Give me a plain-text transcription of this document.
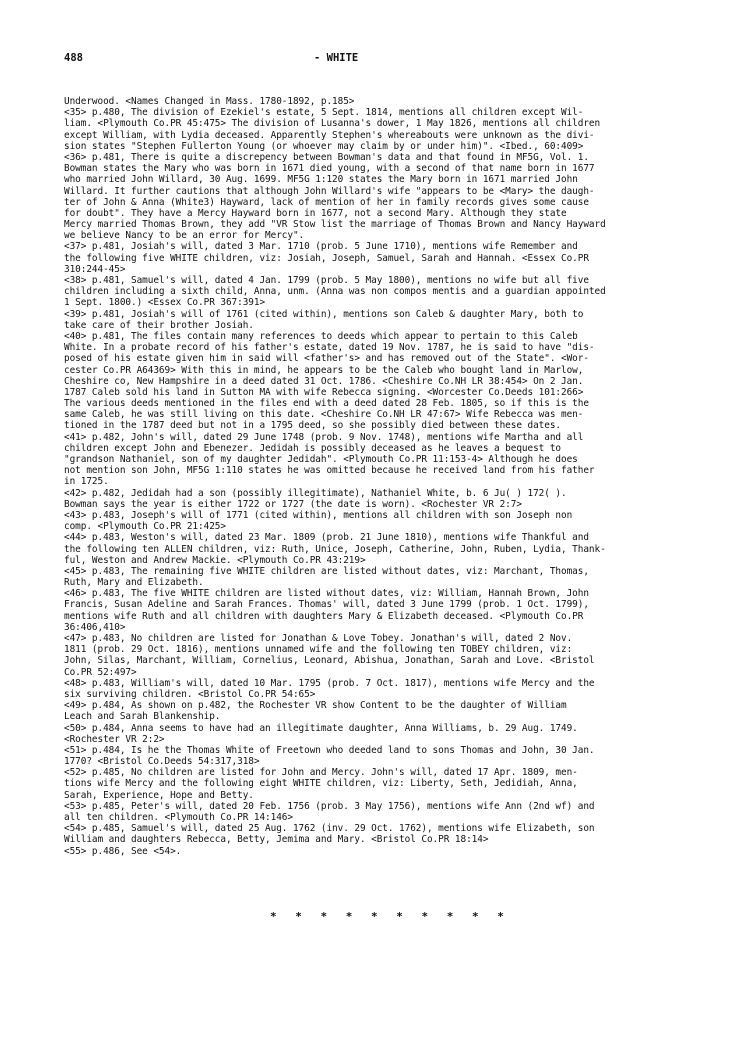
488	- WHITE
Underwood. <Names Changed in Mass. 1780-1892, p.185>
<35> p.480, The division of Ezekiel's estate, 5 Sept. 1814, mentions all children except Wil-
liam. <Plymouth Co.PR 45:475> The division of Lusanna's dower, 1 May 1826, mentions all children
except William, with Lydia deceased. Apparently Stephen's whereabouts were unknown as the divi-
sion states "Stephen Fullerton Young (or whoever may claim by or under him)". <Ibed., 60:409>
<36> p.481, There is quite a discrepency between Bowman's data and that found in MF5G, Vol. 1.
Bowman states the Mary who was born in 1671 died young, with a second of that name born in 1677
who married John Willard, 30 Aug. 1699. MF5G 1:120 states the Mary born in 1671 married John
Willard. It further cautions that although John Willard's wife "appears to be <Mary> the daugh-
ter of John & Anna (White3) Hayward, lack of mention of her in family records gives some cause
for doubt". They have a Mercy Hayward born in 1677, not a second Mary. Although they state
Mercy married Thomas Brown, they add "VR Stow list the marriage of Thomas Brown and Nancy Hayward
we believe Nancy to be an error for Mercy".
<37> p.481, Josiah's will, dated 3 Mar. 1710 (prob. 5 June 1710), mentions wife Remember and
the following five WHITE children, viz: Josiah, Joseph, Samuel, Sarah and Hannah. <Essex Co.PR
310:244-45>
<38> p.481, Samuel's will, dated 4 Jan. 1799 (prob. 5 May 1800), mentions no wife but all five
children including a sixth child, Anna, unm. (Anna was non compos mentis and a guardian appointed
1 Sept. 1800.) <Essex Co.PR 367:391>
<39> p.481, Josiah's will of 1761 (cited within), mentions son Caleb & daughter Mary, both to
take care of their brother Josiah.
<40> p.481, The files contain many references to deeds which appear to pertain to this Caleb
White. In a probate record of his father's estate, dated 19 Nov. 1787, he is said to have "dis-
posed of his estate given him in said will <father's> and has removed out of the State". <Wor-
cester Co.PR A64369> With this in mind, he appears to be the Caleb who bought land in Marlow,
Cheshire co, New Hampshire in a deed dated 31 Oct. 1786. <Cheshire Co.NH LR 38:454> On 2 Jan.
1787 Caleb sold his land in Sutton MA with wife Rebecca signing. <Worcester Co.Deeds 101:266>
The various deeds mentioned in the files end with a deed dated 28 Feb. 1805, so if this is the
same Caleb, he was still living on this date. <Cheshire Co.NH LR 47:67> Wife Rebecca was men-
tioned in the 1787 deed but not in a 1795 deed, so she possibly died between these dates.
<41> p.482, John's will, dated 29 June 1748 (prob. 9 Nov. 1748), mentions wife Martha and all
children except John and Ebenezer. Jedidah is possibly deceased as he leaves a bequest to
"grandson Nathaniel, son of my daughter Jedidah". <Plymouth Co.PR 11:153-4> Although he does
not mention son John, MF5G 1:110 states he was omitted because he received land from his father
in 1725.
<42> p.482, Jedidah had a son (possibly illegitimate), Nathaniel White, b. 6 Ju( ) 172( ).
Bowman says the year is either 1722 or 1727 (the date is worn). <Rochester VR 2:7>
<43> p.483, Joseph's will of 1771 (cited within), mentions all children with son Joseph non
comp. <Plymouth Co.PR 21:425>
<44> p.483, Weston's will, dated 23 Mar. 1809 (prob. 21 June 1810), mentions wife Thankful and
the following ten ALLEN children, viz: Ruth, Unice, Joseph, Catherine, John, Ruben, Lydia, Thank-
ful, Weston and Andrew Mackie. <Plymouth Co.PR 43:219>
<45> p.483, The remaining five WHITE children are listed without dates, viz: Marchant, Thomas,
Ruth, Mary and Elizabeth.
<46> p.483, The five WHITE children are listed without dates, viz: William, Hannah Brown, John
Francis, Susan Adeline and Sarah Frances. Thomas' will, dated 3 June 1799 (prob. 1 Oct. 1799),
mentions wife Ruth and all children with daughters Mary & Elizabeth deceased. <Plymouth Co.PR
36:406,410>
<47> p.483, No children are listed for Jonathan & Love Tobey. Jonathan's will, dated 2 Nov.
1811 (prob. 29 Oct. 1816), mentions unnamed wife and the following ten TOBEY children, viz:
John, Silas, Marchant, William, Cornelius, Leonard, Abishua, Jonathan, Sarah and Love. <Bristol
Co.PR 52:497>
<48> p.483, William's will, dated 10 Mar. 1795 (prob. 7 Oct. 1817), mentions wife Mercy and the
six surviving children. <Bristol Co.PR 54:65>
<49> p.484, As shown on p.482, the Rochester VR show Content to be the daughter of William
Leach and Sarah Blankenship.
<50> p.484, Anna seems to have had an illegitimate daughter, Anna Williams, b. 29 Aug. 1749.
<Rochester VR 2:2>
<51> p.484, Is he the Thomas White of Freetown who deeded land to sons Thomas and John, 30 Jan.
1770? <Bristol Co.Deeds 54:317,318>
<52> p.485, No children are listed for John and Mercy. John's will, dated 17 Apr. 1809, men-
tions wife Mercy and the following eight WHITE children, viz: Liberty, Seth, Jedidiah, Anna,
Sarah, Experience, Hope and Betty.
<53> p.485, Peter's will, dated 20 Feb. 1756 (prob. 3 May 1756), mentions wife Ann (2nd wf) and
all ten children. <Plymouth Co.PR 14:146>
<54> p.485, Samuel's will, dated 25 Aug. 1762 (inv. 29 Oct. 1762), mentions wife Elizabeth, son
William and daughters Rebecca, Betty, Jemima and Mary. <Bristol Co.PR 18:14>
<55> p.486, See <54>.
* * * * * * * * * *
